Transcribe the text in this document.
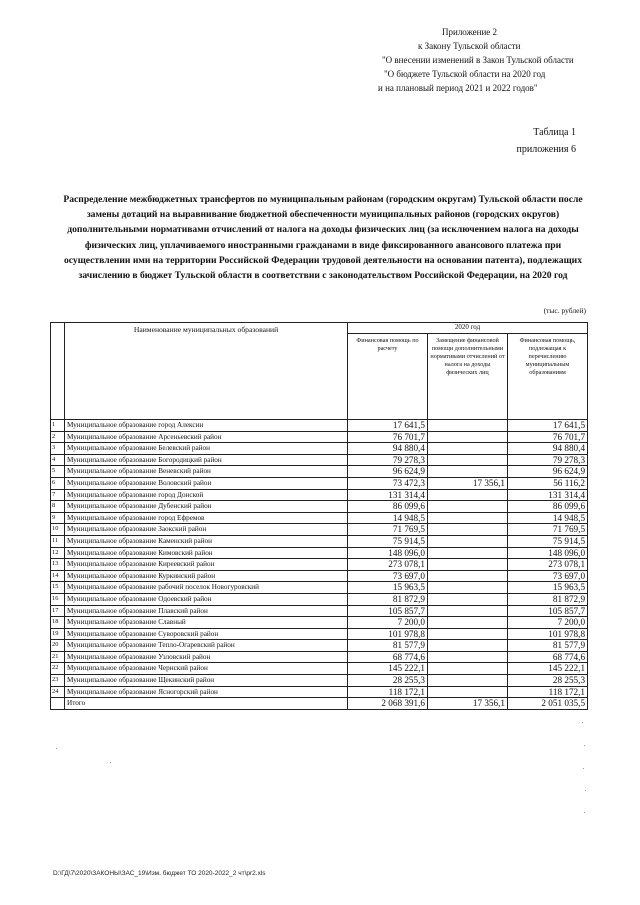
Приложение 2
к Закону Тульской области
"О внесении изменений в Закон Тульской области
"О бюджете Тульской области на 2020 год
и на плановый период 2021 и 2022 годов"
Таблица 1
приложения 6
Распределение межбюджетных трансфертов по муниципальным районам (городским округам) Тульской области после замены дотаций на выравнивание бюджетной обеспеченности муниципальных районов (городских округов) дополнительными нормативами отчислений от налога на доходы физических лиц (за исключением налога на доходы физических лиц, уплачиваемого иностранными гражданами в виде фиксированного авансового платежа при осуществлении ими на территории Российской Федерации трудовой деятельности на основании патента), подлежащих зачислению в бюджет Тульской области в соответствии с законодательством Российской Федерации, на 2020 год
(тыс. рублей)
	Наименование муниципальных образований	2020 год		
		Финансовая помощь по расчету	Замещение финансовой помощи дополнительными нормативами отчислений от налога на доходы физических лиц	Финансовая помощь, подлежащая к перечислению муниципальным образованиям
1	Муниципальное образование город Алексин	17 641,5		17 641,5
2	Муниципальное образование Арсеньевский район	76 701,7		76 701,7
3	Муниципальное образование Белевский район	94 880,4		94 880,4
4	Муниципальное образование Богородицкий район	79 278,3		79 278,3
5	Муниципальное образование Веневский район	96 624,9		96 624,9
6	Муниципальное образование Воловский район	73 472,3	17 356,1	56 116,2
7	Муниципальное образование город Донской	131 314,4		131 314,4
8	Муниципальное образование Дубенский район	86 099,6		86 099,6
9	Муниципальное образование город Ефремов	14 948,5		14 948,5
10	Муниципальное образование Заокский район	71 769,5		71 769,5
11	Муниципальное образование Каменский район	75 914,5		75 914,5
12	Муниципальное образование Кимовский район	148 096,0		148 096,0
13	Муниципальное образование Киреевский район	273 078,1		273 078,1
14	Муниципальное образование Куркинский район	73 697,0		73 697,0
15	Муниципальное образование рабочий поселок Новогуровский	15 963,5		15 963,5
16	Муниципальное образование Одоевский район	81 872,9		81 872,9
17	Муниципальное образование Плавский район	105 857,7		105 857,7
18	Муниципальное образование Славный	7 200,0		7 200,0
19	Муниципальное образование Суворовский район	101 978,8		101 978,8
20	Муниципальное образование Тепло-Огаревский район	81 577,9		81 577,9
21	Муниципальное образование Узловский район	68 774,6		68 774,6
22	Муниципальное образование Чернский район	145 222,1		145 222,1
23	Муниципальное образование Щекинский район	28 255,3		28 255,3
24	Муниципальное образование Ясногорский район	118 172,1		118 172,1
	Итого	2 068 391,6	17 356,1	2 051 035,5
D:\ГД\7\2020\ЗАКОНЫ\ЗАС_19\Изм. бюджет ТО 2020-2022_2 чт\pr2.xls
